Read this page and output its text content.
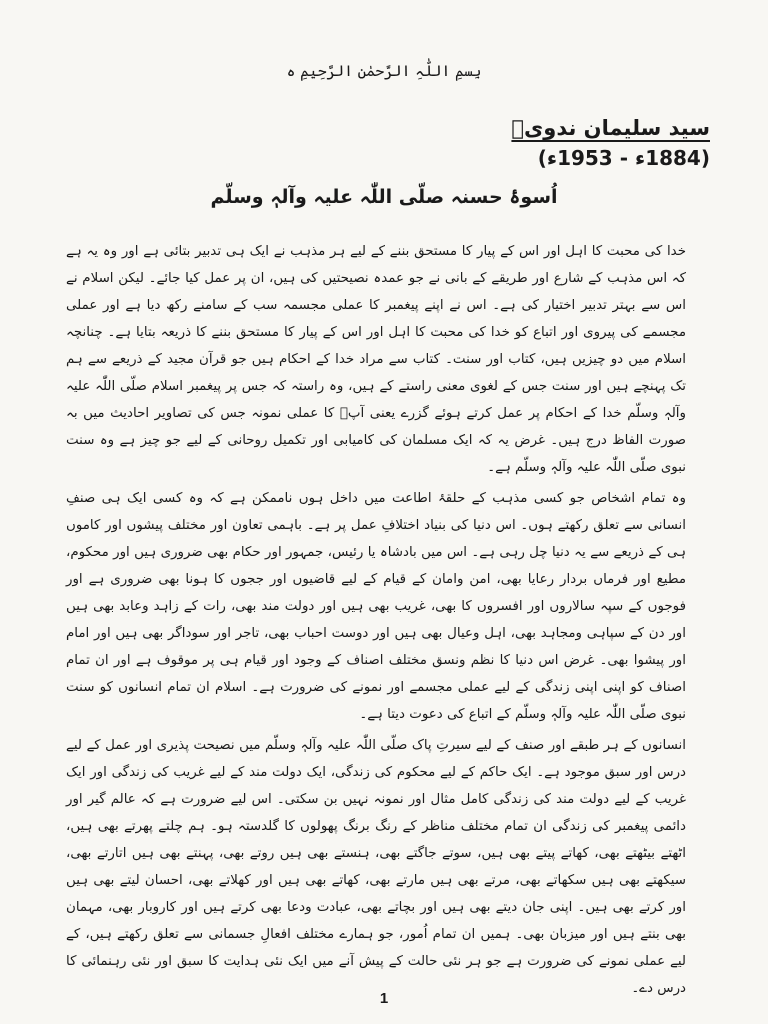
بِسمِ اللّٰہِ الرَّحمٰنِ الرَّحِیمِ ہ
سید سلیمان ندویؒ
(1884ء - 1953ء)
اُسوۂ حسنہ صلّی اللّٰہ علیہ وآلہٖ وسلّم

خدا کی محبت کا اہل اور اس کے پیار کا مستحق بننے کے لیے ہر مذہب نے ایک ہی تدبیر بتائی ہے اور وہ یہ ہے کہ اس مذہب کے شارع اور طریقے کے بانی نے جو عمدہ نصیحتیں کی ہیں، ان پر عمل کیا جائے۔ لیکن اسلام نے اس سے بہتر تدبیر اختیار کی ہے۔ اس نے اپنے پیغمبر کا عملی مجسمہ سب کے سامنے رکھ دیا ہے اور عملی مجسمے کی پیروی اور اتباع کو خدا کی محبت کا اہل اور اس کے پیار کا مستحق بننے کا ذریعہ بتایا ہے۔ چنانچہ اسلام میں دو چیزیں ہیں، کتاب اور سنت۔ کتاب سے مراد خدا کے احکام ہیں جو قرآن مجید کے ذریعے سے ہم تک پہنچے ہیں اور سنت جس کے لغوی معنی راستے کے ہیں، وہ راستہ کہ جس پر پیغمبر اسلام صلّی اللّٰہ علیہ وآلہٖ وسلّم خدا کے احکام پر عمل کرتے ہوئے گزرے یعنی آپؐ کا عملی نمونہ جس کی تصاویر احادیث میں بہ صورت الفاظ درج ہیں۔ غرض یہ کہ ایک مسلمان کی کامیابی اور تکمیل روحانی کے لیے جو چیز ہے وہ سنت نبوی صلّی اللّٰہ علیہ وآلہٖ وسلّم ہے۔

وہ تمام اشخاص جو کسی مذہب کے حلقۂ اطاعت میں داخل ہوں ناممکن ہے کہ وہ کسی ایک ہی صنفِ انسانی سے تعلق رکھتے ہوں۔ اس دنیا کی بنیاد اختلافِ عمل پر ہے۔ باہمی تعاون اور مختلف پیشوں اور کاموں ہی کے ذریعے سے یہ دنیا چل رہی ہے۔ اس میں بادشاہ یا رئیس، جمہور اور حکام بھی ضروری ہیں اور محکوم، مطیع اور فرماں بردار رعایا بھی، امن وامان کے قیام کے لیے قاضیوں اور ججوں کا ہونا بھی ضروری ہے اور فوجوں کے سپہ سالاروں اور افسروں کا بھی، غریب بھی ہیں اور دولت مند بھی، رات کے زاہد وعابد بھی ہیں اور دن کے سپاہی ومجاہد بھی، اہل وعیال بھی ہیں اور دوست احباب بھی، تاجر اور سوداگر بھی ہیں اور امام اور پیشوا بھی۔ غرض اس دنیا کا نظم ونسق مختلف اصناف کے وجود اور قیام ہی پر موقوف ہے اور ان تمام اصناف کو اپنی اپنی زندگی کے لیے عملی مجسمے اور نمونے کی ضرورت ہے۔ اسلام ان تمام انسانوں کو سنت نبوی صلّی اللّٰہ علیہ وآلہٖ وسلّم کے اتباع کی دعوت دیتا ہے۔

انسانوں کے ہر طبقے اور صنف کے لیے سیرتِ پاک صلّی اللّٰہ علیہ وآلہٖ وسلّم میں نصیحت پذیری اور عمل کے لیے درس اور سبق موجود ہے۔ ایک حاکم کے لیے محکوم کی زندگی، ایک دولت مند کے لیے غریب کی زندگی اور ایک غریب کے لیے دولت مند کی زندگی کامل مثال اور نمونہ نہیں بن سکتی۔ اس لیے ضرورت ہے کہ عالم گیر اور دائمی پیغمبر کی زندگی ان تمام مختلف مناظر کے رنگ برنگ پھولوں کا گلدستہ ہو۔ ہم چلتے پھرتے بھی ہیں، اٹھتے بیٹھتے بھی، کھاتے پیتے بھی ہیں، سوتے جاگتے بھی، ہنستے بھی ہیں روتے بھی، پہنتے بھی ہیں اتارتے بھی، سیکھتے بھی ہیں سکھاتے بھی، مرتے بھی ہیں مارتے بھی، کھاتے بھی ہیں اور کھلاتے بھی، احسان لیتے بھی ہیں اور کرتے بھی ہیں۔ اپنی جان دیتے بھی ہیں اور بچاتے بھی، عبادت ودعا بھی کرتے ہیں اور کاروبار بھی، مہمان بھی بنتے ہیں اور میزبان بھی۔ ہمیں ان تمام اُمور، جو ہمارے مختلف افعالِ جسمانی سے تعلق رکھتے ہیں، کے لیے عملی نمونے کی ضرورت ہے جو ہر نئی حالت کے پیش آنے میں ایک نئی ہدایت کا سبق اور نئی رہنمائی کا درس دے۔

1
